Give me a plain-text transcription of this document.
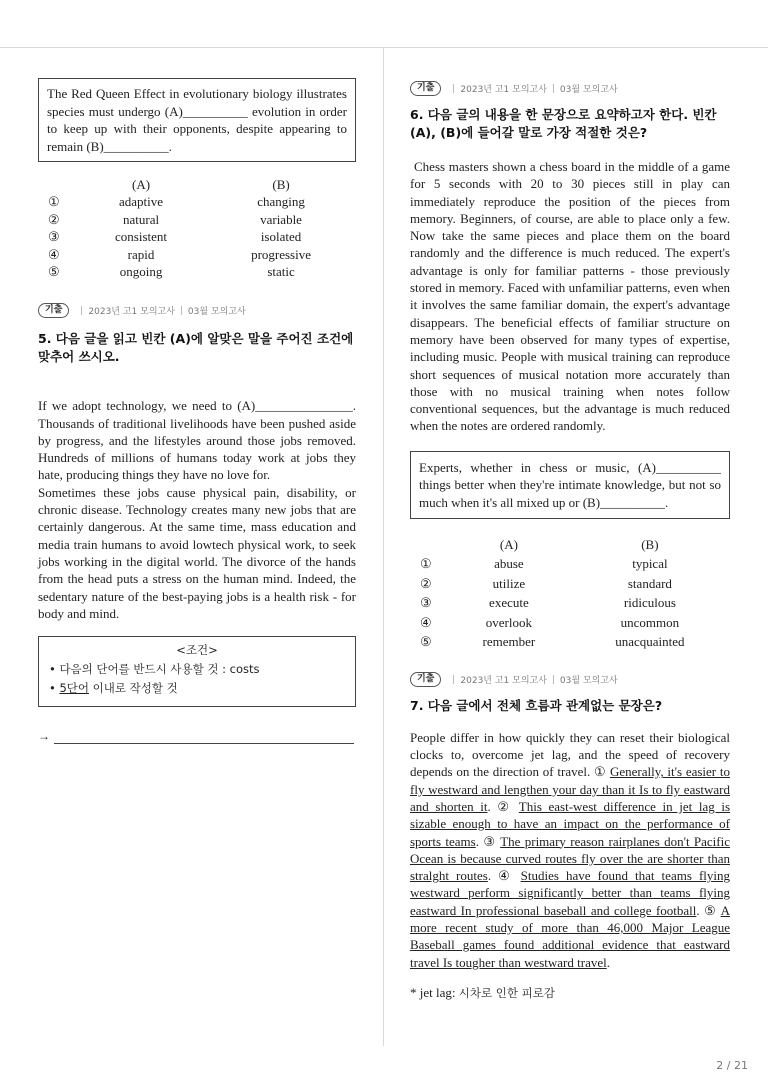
The Red Queen Effect in evolutionary biology illustrates species must undergo (A)__________ evolution in order to keep up with their opponents, despite appearing to remain (B)__________.
	(A)	(B)
①	adaptive	changing
②	natural	variable
③	consistent	isolated
④	rapid	progressive
⑤	ongoing	static
기출	2023년 고1 모의고사 03월 모의고사
5. 다음 글을 읽고 빈칸 (A)에 알맞은 말을 주어진 조건에 맞추어 쓰시오.

If we adopt technology, we need to (A)_______________. Thousands of traditional livelihoods have been pushed aside by progress, and the lifestyles around those jobs removed. Hundreds of millions of humans today work at jobs they hate, producing things they have no love for.
Sometimes these jobs cause physical pain, disability, or chronic disease. Technology creates many new jobs that are certainly dangerous. At the same time, mass education and media train humans to avoid lowtech physical work, to seek jobs working in the digital world. The divorce of the hands from the head puts a stress on the human mind. Indeed, the sedentary nature of the best-paying jobs is a health risk - for body and mind.

<조건>
• 다음의 단어를 반드시 사용할 것 : costs
• 5단어 이내로 작성할 것
→
기출	2023년 고1 모의고사 03월 모의고사
6. 다음 글의 내용을 한 문장으로 요약하고자 한다. 빈칸 (A), (B)에 들어갈 말로 가장 적절한 것은?
Chess masters shown a chess board in the middle of a game for 5 seconds with 20 to 30 pieces still in play can immediately reproduce the position of the pieces from memory. Beginners, of course, are able to place only a few. Now take the same pieces and place them on the board randomly and the difference is much reduced. The expert's advantage is only for familiar patterns - those previously stored in memory. Faced with unfamiliar patterns, even when it involves the same familiar domain, the expert's advantage disappears. The beneficial effects of familiar structure on memory have been observed for many types of expertise, including music. People with musical training can reproduce short sequences of musical notation more accurately than those with no musical training when notes follow conventional sequences, but the advantage is much reduced when the notes are ordered randomly.
Experts, whether in chess or music, (A)__________ things better when they're intimate knowledge, but not so much when it's all mixed up or (B)__________.
	(A)	(B)
①	abuse	typical
②	utilize	standard
③	execute	ridiculous
④	overlook	uncommon
⑤	remember	unacquainted
기출	2023년 고1 모의고사 03월 모의고사
7. 다음 글에서 전체 흐름과 관계없는 문장은?
People differ in how quickly they can reset their biological clocks to, overcome jet lag, and the speed of recovery depends on the direction of travel. ① Generally, it's easier to fly westward and lengthen your day than it Is to fly eastward and shorten it. ② This east-west difference in jet lag is sizable enough to have an impact on the performance of sports teams. ③ The primary reason rairplanes don't Pacific Ocean is because curved routes fly over the are shorter than stralght routes. ④ Studies have found that teams flying westward perform significantly better than teams flying eastward In professional baseball and college football. ⑤ A more recent study of more than 46,000 Major League Baseball games found additional evidence that eastward travel Is tougher than westward travel.
* jet lag: 시차로 인한 피로감
2 / 21
